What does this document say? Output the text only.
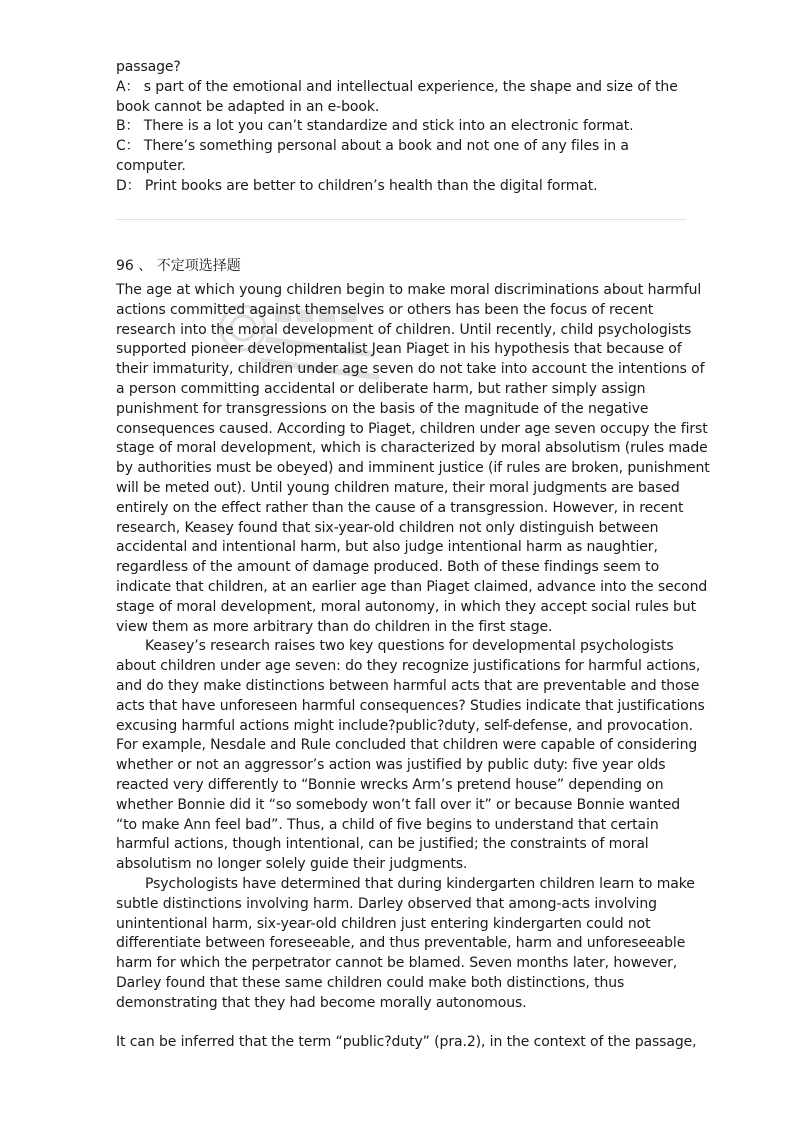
passage?
A： s part of the emotional and intellectual experience, the shape and size of the
book cannot be adapted in an e-book.
B： There is a lot you can’t standardize and stick into an electronic format.
C： There’s something personal about a book and not one of any files in a
computer.
D： Print books are better to children’s health than the digital format.
96 、 不定项选择题
The age at which young children begin to make moral discriminations about harmful
actions committed against themselves or others has been the focus of recent
research into the moral development of children. Until recently, child psychologists
supported pioneer developmentalist Jean Piaget in his hypothesis that because of
their immaturity, children under age seven do not take into account the intentions of
a person committing accidental or deliberate harm, but rather simply assign
punishment for transgressions on the basis of the magnitude of the negative
consequences caused. According to Piaget, children under age seven occupy the first
stage of moral development, which is characterized by moral absolutism (rules made
by authorities must be obeyed) and imminent justice (if rules are broken, punishment
will be meted out). Until young children mature, their moral judgments are based
entirely on the effect rather than the cause of a transgression. However, in recent
research, Keasey found that six-year-old children not only distinguish between
accidental and intentional harm, but also judge intentional harm as naughtier,
regardless of the amount of damage produced. Both of these findings seem to
indicate that children, at an earlier age than Piaget claimed, advance into the second
stage of moral development, moral autonomy, in which they accept social rules but
view them as more arbitrary than do children in the first stage.
Keasey’s research raises two key questions for developmental psychologists
about children under age seven: do they recognize justifications for harmful actions,
and do they make distinctions between harmful acts that are preventable and those
acts that have unforeseen harmful consequences? Studies indicate that justifications
excusing harmful actions might include?public?duty, self-defense, and provocation.
For example, Nesdale and Rule concluded that children were capable of considering
whether or not an aggressor’s action was justified by public duty: five year olds
reacted very differently to “Bonnie wrecks Arm’s pretend house” depending on
whether Bonnie did it “so somebody won’t fall over it” or because Bonnie wanted
“to make Ann feel bad”. Thus, a child of five begins to understand that certain
harmful actions, though intentional, can be justified; the constraints of moral
absolutism no longer solely guide their judgments.
Psychologists have determined that during kindergarten children learn to make
subtle distinctions involving harm. Darley observed that among-acts involving
unintentional harm, six-year-old children just entering kindergarten could not
differentiate between foreseeable, and thus preventable, harm and unforeseeable
harm for which the perpetrator cannot be blamed. Seven months later, however,
Darley found that these same children could make both distinctions, thus
demonstrating that they had become morally autonomous.
It can be inferred that the term “public?duty” (pra.2), in the context of the passage,
